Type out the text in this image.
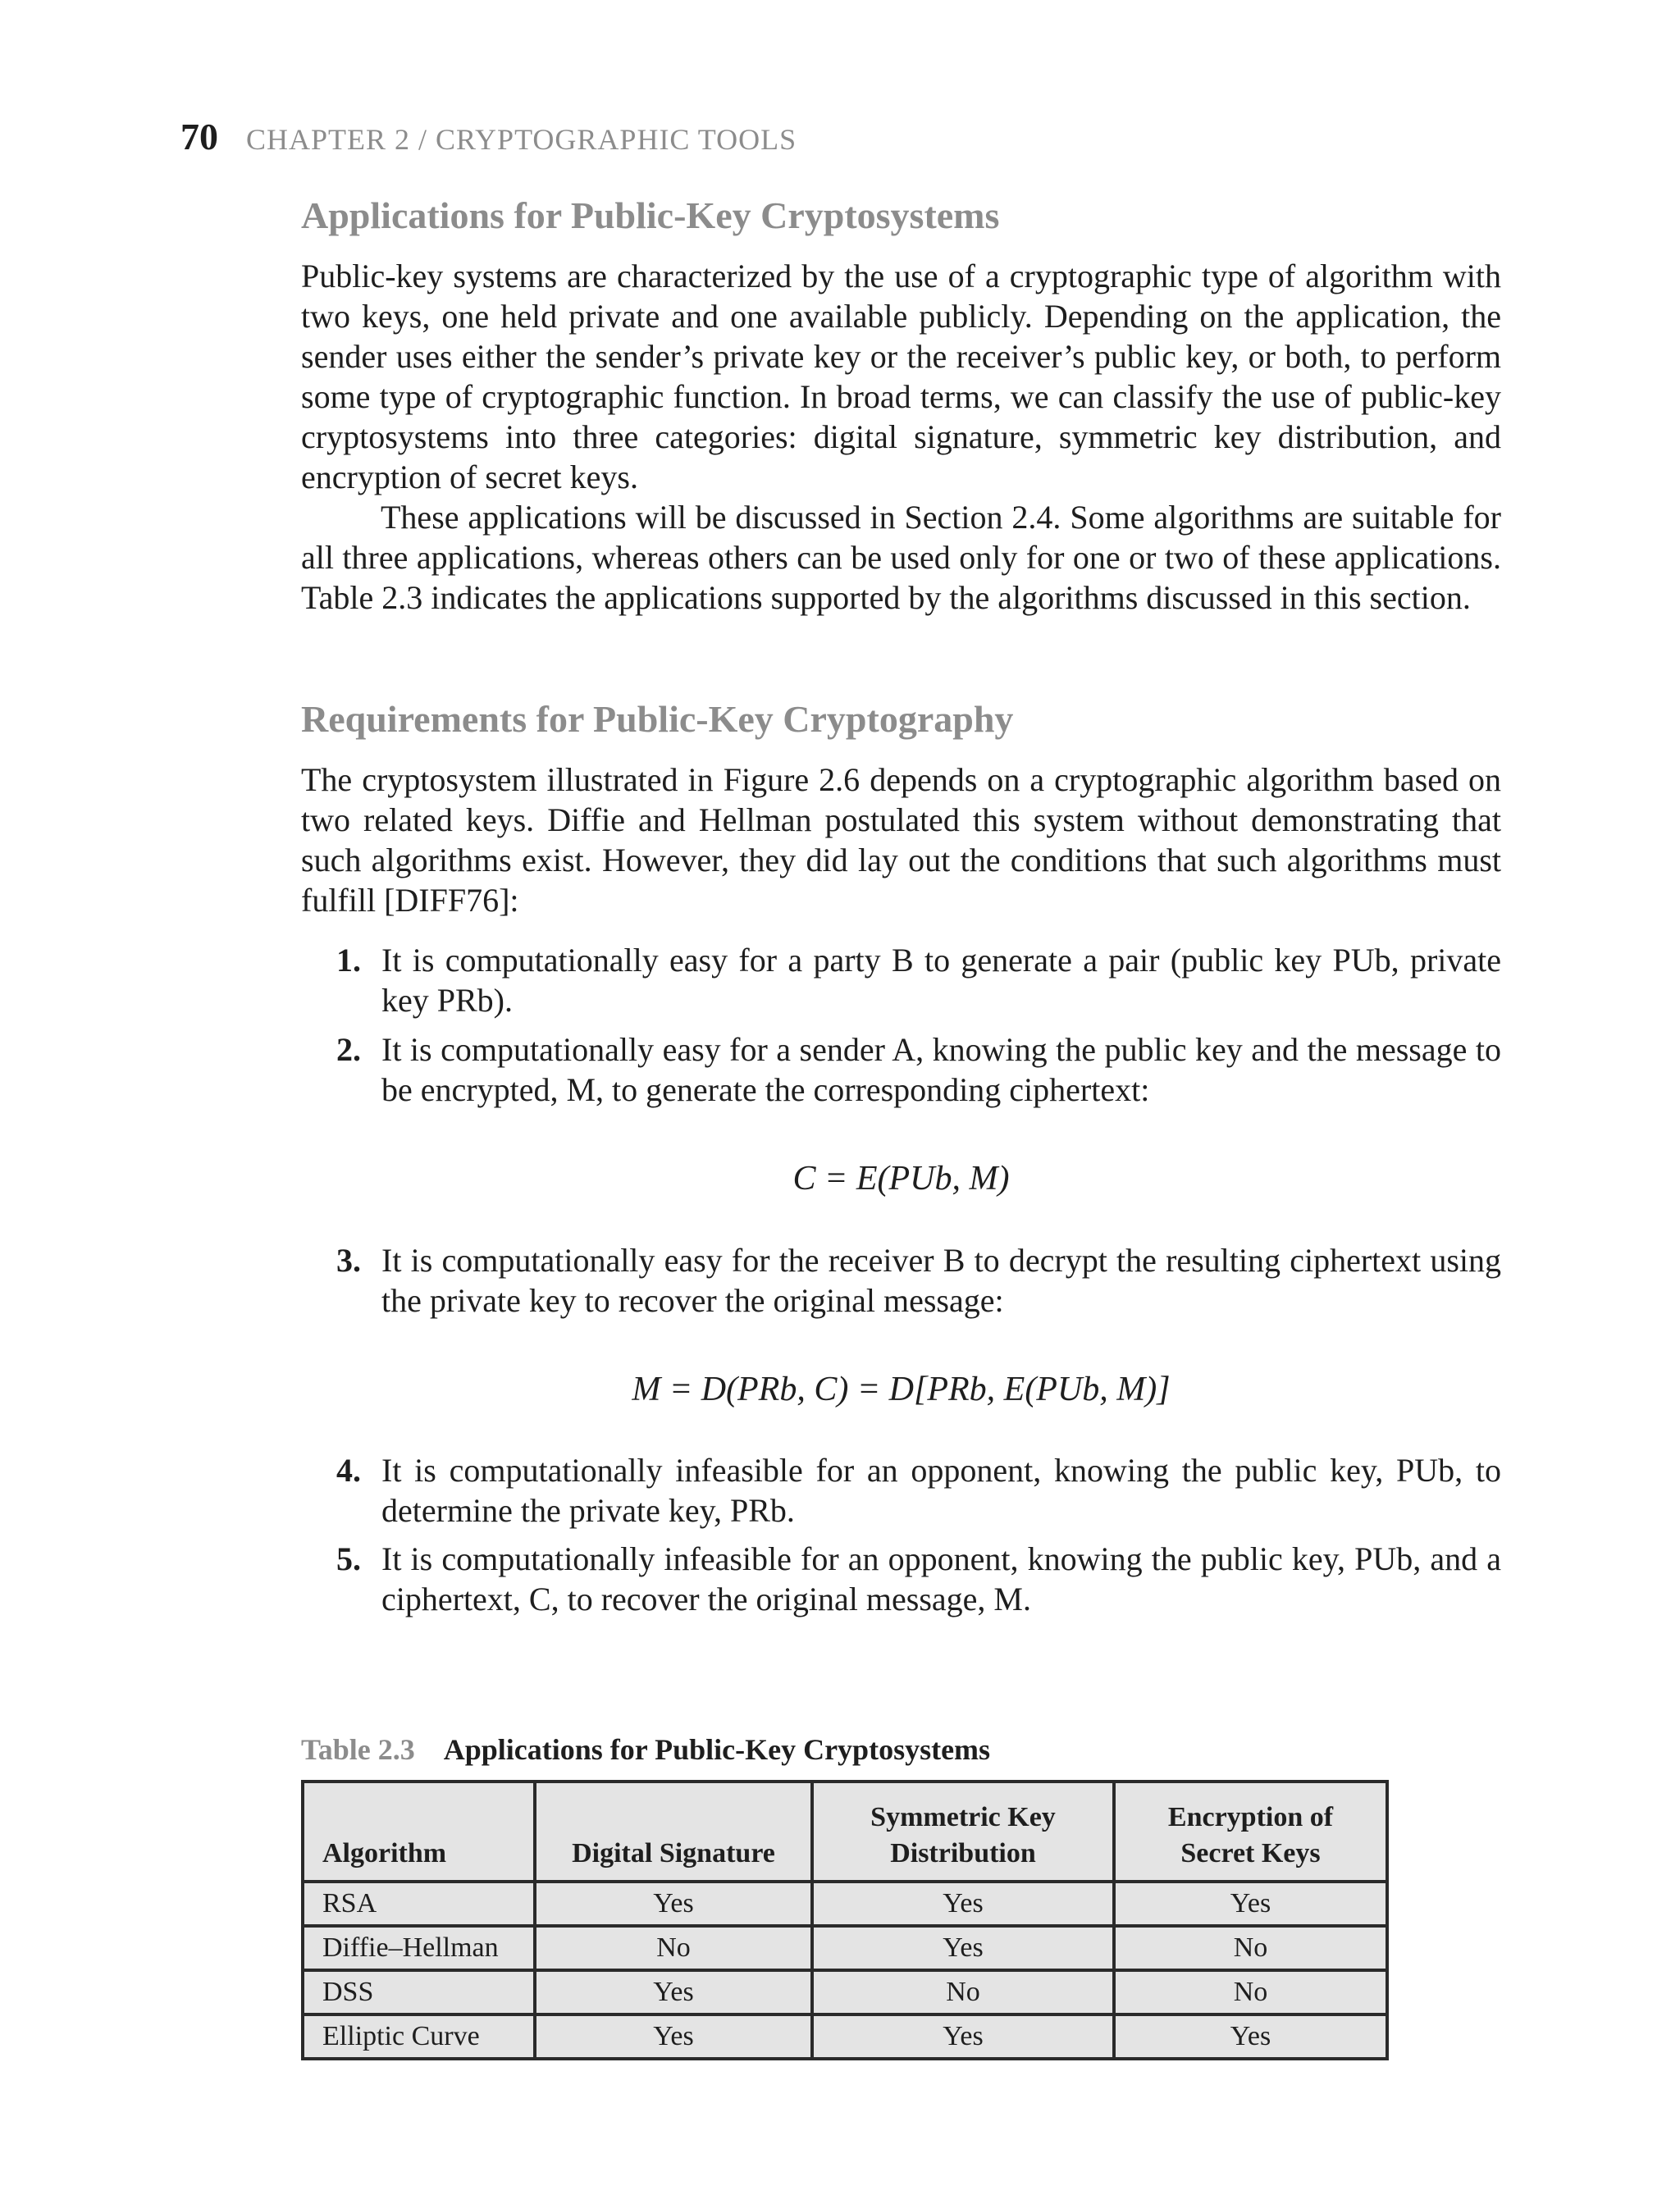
70 CHAPTER 2 / CRYPTOGRAPHIC TOOLS
Applications for Public-Key Cryptosystems
Public-key systems are characterized by the use of a cryptographic type of algorithm with two keys, one held private and one available publicly. Depending on the application, the sender uses either the sender’s private key or the receiver’s public key, or both, to perform some type of cryptographic function. In broad terms, we can classify the use of public-key cryptosystems into three categories: digital signature, symmetric key distribution, and encryption of secret keys.
These applications will be discussed in Section 2.4. Some algorithms are suitable for all three applications, whereas others can be used only for one or two of these applications. Table 2.3 indicates the applications supported by the algorithms discussed in this section.
Requirements for Public-Key Cryptography
The cryptosystem illustrated in Figure 2.6 depends on a cryptographic algorithm based on two related keys. Diffie and Hellman postulated this system without demonstrating that such algorithms exist. However, they did lay out the conditions that such algorithms must fulfill [DIFF76]:
1. It is computationally easy for a party B to generate a pair (public key PUb, private key PRb).
2. It is computationally easy for a sender A, knowing the public key and the message to be encrypted, M, to generate the corresponding ciphertext:
C = E(PUb, M)
3. It is computationally easy for the receiver B to decrypt the resulting ciphertext using the private key to recover the original message:
M = D(PRb, C) = D[PRb, E(PUb, M)]
4. It is computationally infeasible for an opponent, knowing the public key, PUb, to determine the private key, PRb.
5. It is computationally infeasible for an opponent, knowing the public key, PUb, and a ciphertext, C, to recover the original message, M.
Table 2.3 Applications for Public-Key Cryptosystems
Algorithm	Digital Signature	Symmetric Key Distribution	Encryption of Secret Keys
RSA	Yes	Yes	Yes
Diffie–Hellman	No	Yes	No
DSS	Yes	No	No
Elliptic Curve	Yes	Yes	Yes
